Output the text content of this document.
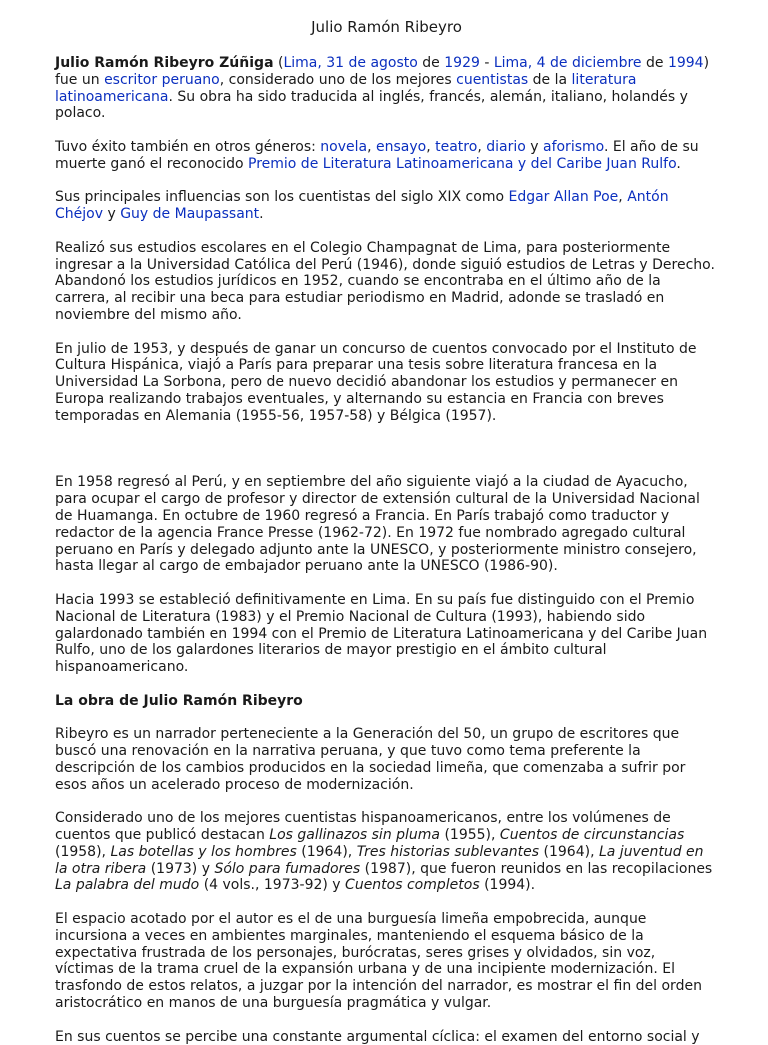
Julio Ramón Ribeyro

Julio Ramón Ribeyro Zúñiga (Lima, 31 de agosto de 1929 - Lima, 4 de diciembre de 1994) fue un escritor peruano, considerado uno de los mejores cuentistas de la literatura latinoamericana. Su obra ha sido traducida al inglés, francés, alemán, italiano, holandés y polaco.

Tuvo éxito también en otros géneros: novela, ensayo, teatro, diario y aforismo. El año de su muerte ganó el reconocido Premio de Literatura Latinoamericana y del Caribe Juan Rulfo.

Sus principales influencias son los cuentistas del siglo XIX como Edgar Allan Poe, Antón Chéjov y Guy de Maupassant.

Realizó sus estudios escolares en el Colegio Champagnat de Lima, para posteriormente ingresar a la Universidad Católica del Perú (1946), donde siguió estudios de Letras y Derecho. Abandonó los estudios jurídicos en 1952, cuando se encontraba en el último año de la carrera, al recibir una beca para estudiar periodismo en Madrid, adonde se trasladó en noviembre del mismo año.

En julio de 1953, y después de ganar un concurso de cuentos convocado por el Instituto de Cultura Hispánica, viajó a París para preparar una tesis sobre literatura francesa en la Universidad La Sorbona, pero de nuevo decidió abandonar los estudios y permanecer en Europa realizando trabajos eventuales, y alternando su estancia en Francia con breves temporadas en Alemania (1955-56, 1957-58) y Bélgica (1957).

En 1958 regresó al Perú, y en septiembre del año siguiente viajó a la ciudad de Ayacucho, para ocupar el cargo de profesor y director de extensión cultural de la Universidad Nacional de Huamanga. En octubre de 1960 regresó a Francia. En París trabajó como traductor y redactor de la agencia France Presse (1962-72). En 1972 fue nombrado agregado cultural peruano en París y delegado adjunto ante la UNESCO, y posteriormente ministro consejero, hasta llegar al cargo de embajador peruano ante la UNESCO (1986-90).

Hacia 1993 se estableció definitivamente en Lima. En su país fue distinguido con el Premio Nacional de Literatura (1983) y el Premio Nacional de Cultura (1993), habiendo sido galardonado también en 1994 con el Premio de Literatura Latinoamericana y del Caribe Juan Rulfo, uno de los galardones literarios de mayor prestigio en el ámbito cultural hispanoamericano.

La obra de Julio Ramón Ribeyro

Ribeyro es un narrador perteneciente a la Generación del 50, un grupo de escritores que buscó una renovación en la narrativa peruana, y que tuvo como tema preferente la descripción de los cambios producidos en la sociedad limeña, que comenzaba a sufrir por esos años un acelerado proceso de modernización.

Considerado uno de los mejores cuentistas hispanoamericanos, entre los volúmenes de cuentos que publicó destacan Los gallinazos sin pluma (1955), Cuentos de circunstancias (1958), Las botellas y los hombres (1964), Tres historias sublevantes (1964), La juventud en la otra ribera (1973) y Sólo para fumadores (1987), que fueron reunidos en las recopilaciones La palabra del mudo (4 vols., 1973-92) y Cuentos completos (1994).

El espacio acotado por el autor es el de una burguesía limeña empobrecida, aunque incursiona a veces en ambientes marginales, manteniendo el esquema básico de la expectativa frustrada de los personajes, burócratas, seres grises y olvidados, sin voz, víctimas de la trama cruel de la expansión urbana y de una incipiente modernización. El trasfondo de estos relatos, a juzgar por la intención del narrador, es mostrar el fin del orden aristocrático en manos de una burguesía pragmática y vulgar.

En sus cuentos se percibe una constante argumental cíclica: el examen del entorno social y
